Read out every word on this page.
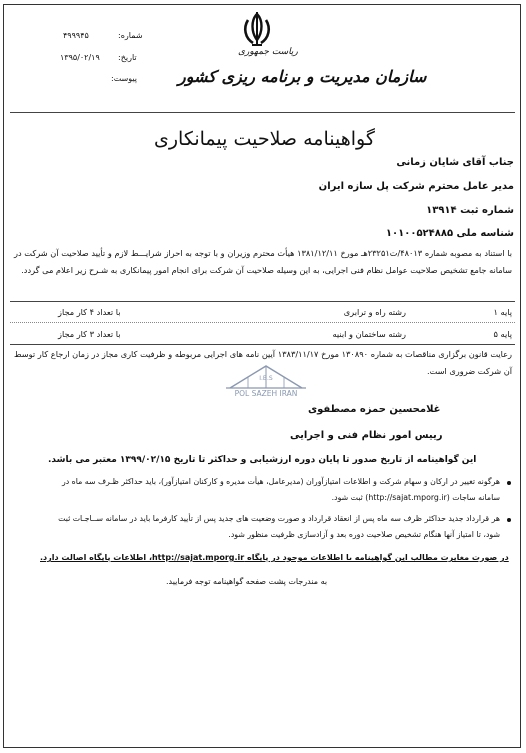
شماره:
۴۹۹۹۴۵
تاریخ:
۱۳۹۵/۰۲/۱۹
پیوست:
ریاست جمهوری
سازمان مدیریت و برنامه ریزی کشور
گواهینامه صلاحیت پیمانکاری
جناب آقای شایان زمانی
مدیر عامل محترم شرکت پل سازه ایران
شماره ثبت ۱۳۹۱۴
شناسه ملی ۱۰۱۰۰۵۲۴۸۸۵
با استناد به مصوبه شماره ۴۸۰۱۳/ت۲۳۲۵۱هـ مورخ ۱۳۸۱/۱۲/۱۱ هیأت محترم وزیران و با توجه به احراز شرایـــط لازم و تأیید صلاحیت آن شرکت در سامانه جامع تشخیص صلاحیت عوامل نظام فنی اجرایی، به این وسیله صلاحیت آن شرکت برای انجام امور پیمانکاری به شـرح زیر اعلام می گردد.
پایه ۱
رشته راه و ترابری
با تعداد ۴ کار مجاز
پایه ۵
رشته ساختمان و ابنیه
با تعداد ۳ کار مجاز
رعایت قانون برگزاری مناقصات به شماره ۱۳۰۸۹۰ مورخ ۱۳۸۳/۱۱/۱۷ آیین نامه های اجرایی مربوطه و ظرفیت کاری مجاز در زمان ارجاع کار توسط آن شرکت ضروری است.
I.B.S
POL SAZEH IRAN
غلامحسین حمزه مصطفوی
رییس امور نظام فنی و اجرایی
این گواهینامه از تاریخ صدور تا پایان دوره ارزشیابی و حداکثر تا تاریخ ۱۳۹۹/۰۲/۱۵ معتبر می باشد.
هرگونه تغییر در ارکان و سهام شرکت و اطلاعات امتیازآوران (مدیرعامل، هیأت مدیره و کارکنان امتیازآور)، باید حداکثر ظـرف سه ماه در
سامانه ساجات (http://sajat.mporg.ir) ثبت شود.
هر قرارداد جدید حداکثر ظرف سه ماه پس از انعقاد قرارداد و صورت وضعیت های جدید پس از تأیید کارفرما باید در سامانه ســاجـات ثبت
شود، تا امتیاز آنها هنگام تشخیص صلاحیت دوره بعد و آزادسازی ظرفیت منظور شود.
در صورت مغایرت مطالب این گواهینامه با اطلاعات موجود در پایگاه http://sajat.mporg.ir، اطلاعات پایگاه اصالت دارد.
به مندرجات پشت صفحه گواهینامه توجه فرمایید.
